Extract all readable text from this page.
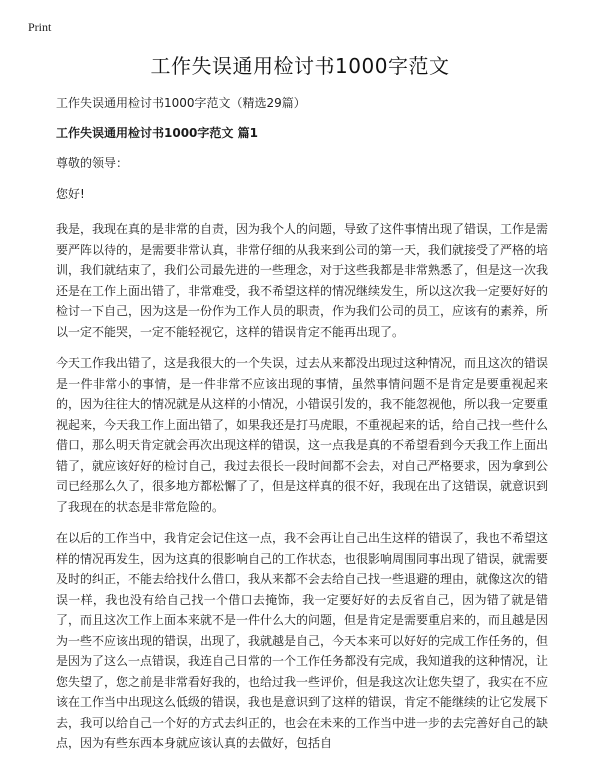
Print
工作失误通用检讨书1000字范文
工作失误通用检讨书1000字范文（精选29篇）
工作失误通用检讨书1000字范文 篇1
尊敬的领导：
您好!

我是，我现在真的是非常的自责，因为我个人的问题，导致了这件事情出现了错误，工作是需要严阵以待的，是需要非常认真，非常仔细的从我来到公司的第一天，我们就接受了严格的培训，我们就结束了，我们公司最先进的一些理念，对于这些我都是非常熟悉了，但是这一次我还是在工作上面出错了，非常难受，我不希望这样的情况继续发生，所以这次我一定要好好的检讨一下自己，因为这是一份作为工作人员的职责，作为我们公司的员工，应该有的素养，所以一定不能哭，一定不能轻视它，这样的错误肯定不能再出现了。

今天工作我出错了，这是我很大的一个失误，过去从来都没出现过这种情况，而且这次的错误是一件非常小的事情，是一件非常不应该出现的事情，虽然事情问题不是肯定是要重视起来的，因为往往大的情况就是从这样的小情况，小错误引发的，我不能忽视他，所以我一定要重视起来，今天我工作上面出错了，如果我还是打马虎眼，不重视起来的话，给自己找一些什么借口，那么明天肯定就会再次出现这样的错误，这一点我是真的不希望看到今天我工作上面出错了，就应该好好的检讨自己，我过去很长一段时间都不会去，对自己严格要求，因为拿到公司已经那么久了，很多地方都松懈了了，但是这样真的很不好，我现在出了这错误，就意识到了我现在的状态是非常危险的。

在以后的工作当中，我肯定会记住这一点，我不会再让自己出生这样的错误了，我也不希望这样的情况再发生，因为这真的很影响自己的工作状态，也很影响周围同事出现了错误，就需要及时的纠正，不能去给找什么借口，我从来都不会去给自己找一些退避的理由，就像这次的错误一样，我也没有给自己找一个借口去掩饰，我一定要好好的去反省自己，因为错了就是错了，而且这次工作上面本来就不是一件什么大的问题，但是肯定是需要重启来的，而且越是因为一些不应该出现的错误，出现了，我就越是自己，今天本来可以好好的完成工作任务的，但是因为了这么一点错误，我连自己日常的一个工作任务都没有完成，我知道我的这种情况，让您失望了，您之前是非常看好我的，也给过我一些评价，但是我这次让您失望了，我实在不应该在工作当中出现这么低级的错误，我也是意识到了这样的错误，肯定不能继续的让它发展下去，我可以给自己一个好的方式去纠正的，也会在未来的工作当中进一步的去完善好自己的缺点，因为有些东西本身就应该认真的去做好，包括自
